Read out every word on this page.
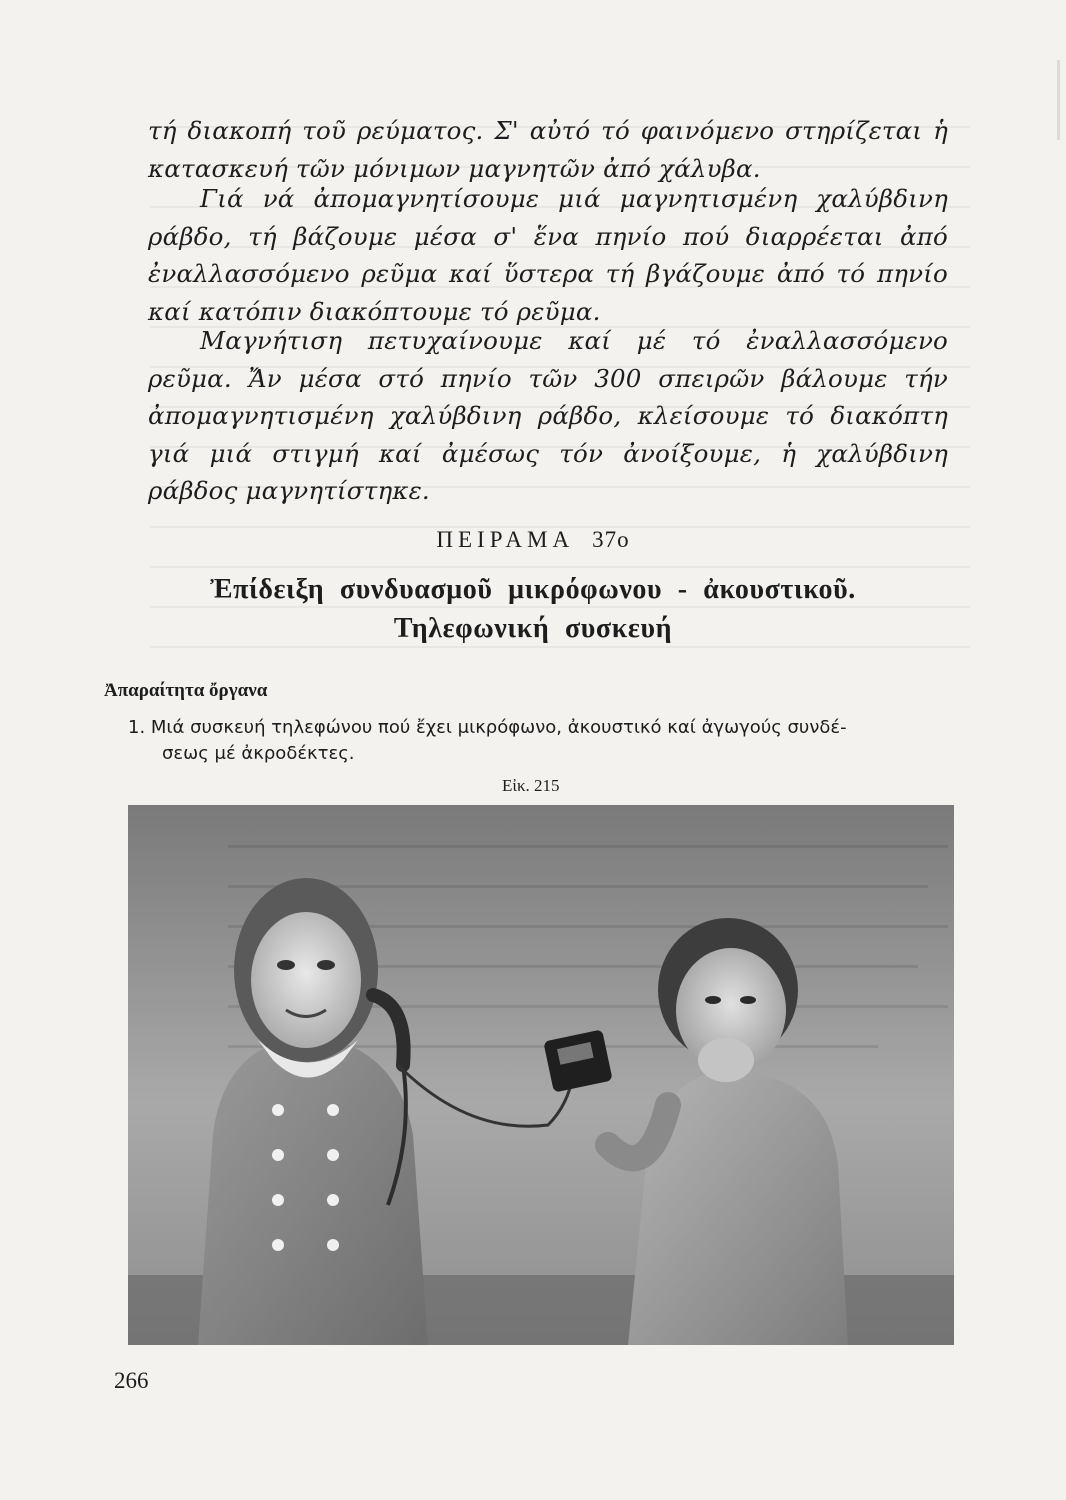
τή διακοπή τοῦ ρεύματος. Σ' αὐτό τό φαινόμενο στηρίζεται ἡ κατασκευή τῶν μόνιμων μαγνητῶν ἀπό χάλυβα.

Γιά νά ἀπομαγνητίσουμε μιά μαγνητισμένη χαλύβδινη ράβδο, τή βάζουμε μέσα σ' ἕνα πηνίο πού διαρρέεται ἀπό ἐναλλασσόμενο ρεῦμα καί ὕστερα τή βγάζουμε ἀπό τό πηνίο καί κατόπιν διακόπτουμε τό ρεῦμα.

Μαγνήτιση πετυχαίνουμε καί μέ τό ἐναλλασσόμενο ρεῦμα. Ἄν μέσα στό πηνίο τῶν 300 σπειρῶν βάλουμε τήν ἀπομαγνητισμένη χαλύβδινη ράβδο, κλείσουμε τό διακόπτη γιά μιά στιγμή καί ἀμέσως τόν ἀνοίξουμε, ἡ χαλύβδινη ράβδος μαγνητίστηκε.

ΠΕΙΡΑΜΑ 37ο
Ἐπίδειξη συνδυασμοῦ μικρόφωνου - ἀκουστικοῦ.
Τηλεφωνική συσκευή
Ἀπαραίτητα ὄργανα
1. Μιά συσκευή τηλεφώνου πού ἔχει μικρόφωνο, ἀκουστικό καί ἀγωγούς συνδέ-
σεως μέ ἀκροδέκτες.
Εἰκ. 215
266
